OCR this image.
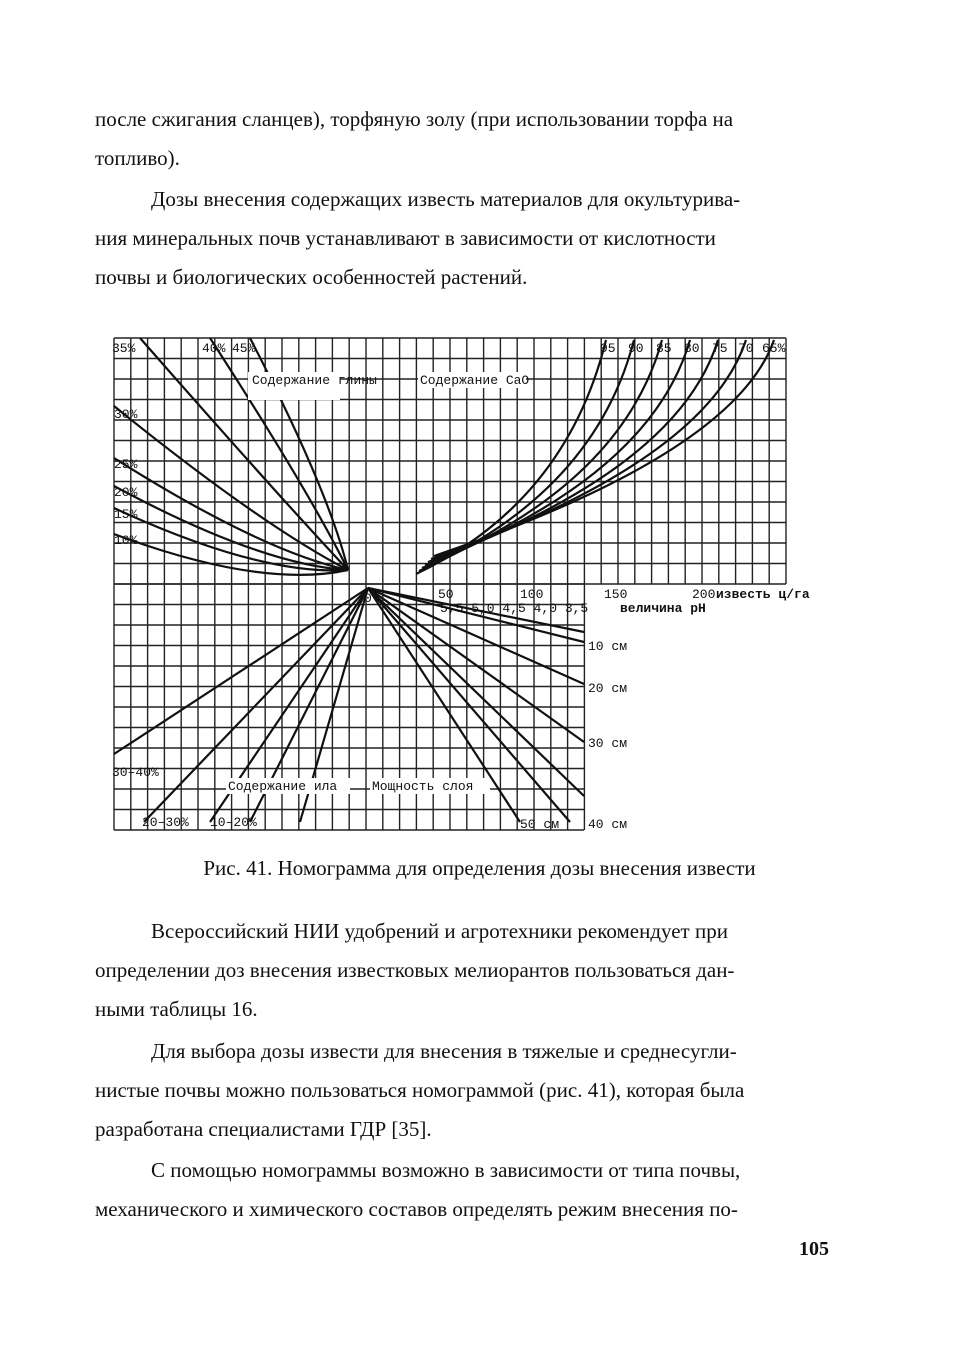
после сжигания сланцев), торфяную золу (при использовании торфа на
топливо).
Дозы внесения содержащих известь материалов для окультурива-
ния минеральных почв устанавливают в зависимости от кислотности
почвы и биологических особенностей растений.
Содержание глины	Содержание CaO
35%	40% 45%
30%
25%
20%
15%
10%
95 90 85 80 75 70 65%
0	50	100	150	200 известь ц/га
5,5 5,0 4,5 4,0 3,5 величина рН
10 см
20 см
30 см
40 см
50 см
Содержание ила	Мощность слоя
30–40%
20–30% 10–20%

Рис. 41. Номограмма для определения дозы внесения извести

Всероссийский НИИ удобрений и агротехники рекомендует при
определении доз внесения известковых мелиорантов пользоваться дан-
ными таблицы 16.
Для выбора дозы извести для внесения в тяжелые и среднесугли-
нистые почвы можно пользоваться номограммой (рис. 41), которая была
разработана специалистами ГДР [35].
С помощью номограммы возможно в зависимости от типа почвы,
механического и химического составов определять режим внесения по-
105
